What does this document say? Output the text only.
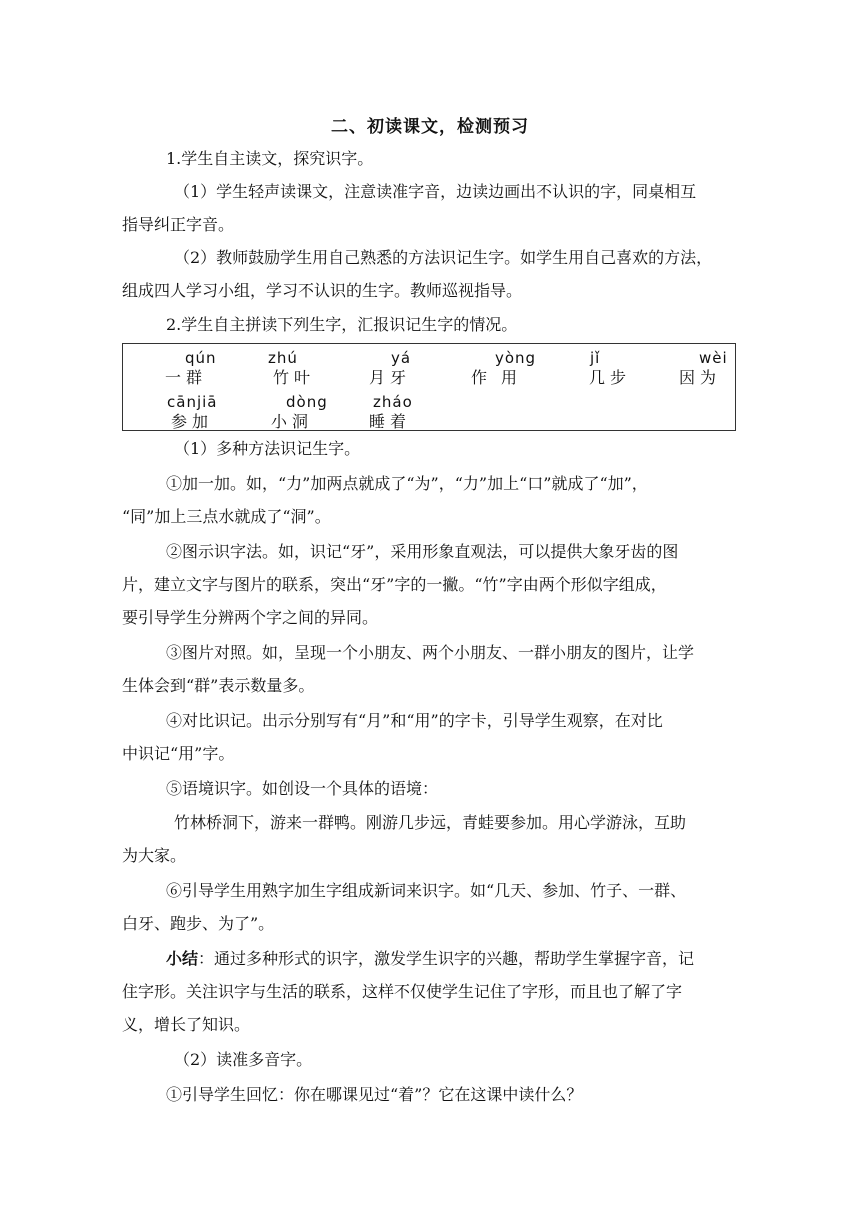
二、初读课文，检测预习
1.学生自主读文，探究识字。
（1）学生轻声读课文，注意读准字音，边读边画出不认识的字，同桌相互
指导纠正字音。
（2）教师鼓励学生用自己熟悉的方法识记生字。如学生用自己喜欢的方法，
组成四人学习小组，学习不认识的生字。教师巡视指导。
2.学生自主拼读下列生字，汇报识记生字的情况。
qún
一群
zhú
竹叶
yá
月牙
yòng
作用
jǐ
几步
wèi
因为
cānjiā
参加
dòng
小洞
zháo
睡着
（1）多种方法识记生字。
①加一加。如，“力”加两点就成了“为”，“力”加上“口”就成了“加”，
“同”加上三点水就成了“洞”。
②图示识字法。如，识记“牙”，采用形象直观法，可以提供大象牙齿的图
片，建立文字与图片的联系，突出“牙”字的一撇。“竹”字由两个形似字组成，
要引导学生分辨两个字之间的异同。
③图片对照。如，呈现一个小朋友、两个小朋友、一群小朋友的图片，让学
生体会到“群”表示数量多。
④对比识记。出示分别写有“月”和“用”的字卡，引导学生观察，在对比
中识记“用”字。
⑤语境识字。如创设一个具体的语境：
竹林桥洞下，游来一群鸭。刚游几步远，青蛙要参加。用心学游泳，互助
为大家。
⑥引导学生用熟字加生字组成新词来识字。如“几天、参加、竹子、一群、
白牙、跑步、为了”。
小结：通过多种形式的识字，激发学生识字的兴趣，帮助学生掌握字音，记
住字形。关注识字与生活的联系，这样不仅使学生记住了字形，而且也了解了字
义，增长了知识。
（2）读准多音字。
①引导学生回忆：你在哪课见过“着”？它在这课中读什么？
